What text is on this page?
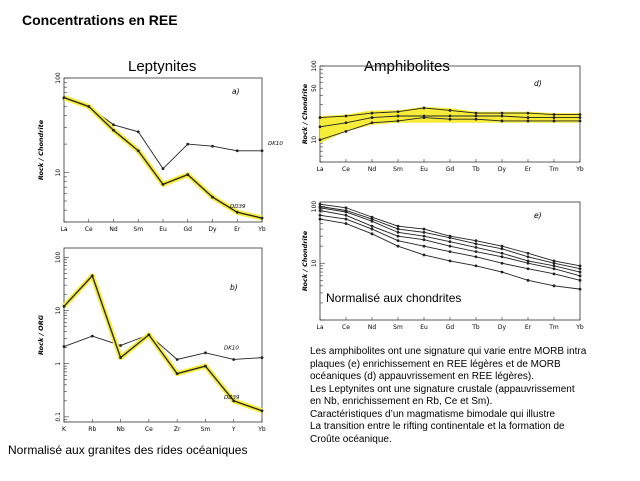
Concentrations en REE
Leptynites	Amphibolites
10
100
Rock / Chondrite
La	Ce	Nd	Sm	Eu	Gd	Dy	Er	Yb
a)
DK10
DD39
0.1
1
10
100
Rock / ORG
K	Rb	Nb	Ce	Zr	Sm	Y	Yb
b)
DK10
DD39
10
50
100
Rock / Chondrite
La	Ce	Nd	Sm	Eu	Gd	Tb	Dy	Er	Tm	Yb
d)
10
100
Rock / Chondrite
La	Ce	Nd	Sm	Eu	Gd	Tb	Dy	Er	Tm	Yb
e)
Normalisé aux chondrites
Normalisé aux granites des rides océaniques
Les amphibolites ont une signature qui varie entre MORB intra
plaques (e) enrichissement en REE légères et de MORB
océaniques (d) appauvrissement en REE légères).
Les Leptynites ont une signature crustale (appauvrissement
en Nb, enrichissement en Rb, Ce et Sm).
Caractéristiques d’un magmatisme bimodale qui illustre
La transition entre le rifting continentale et la formation de
Croûte océanique.
